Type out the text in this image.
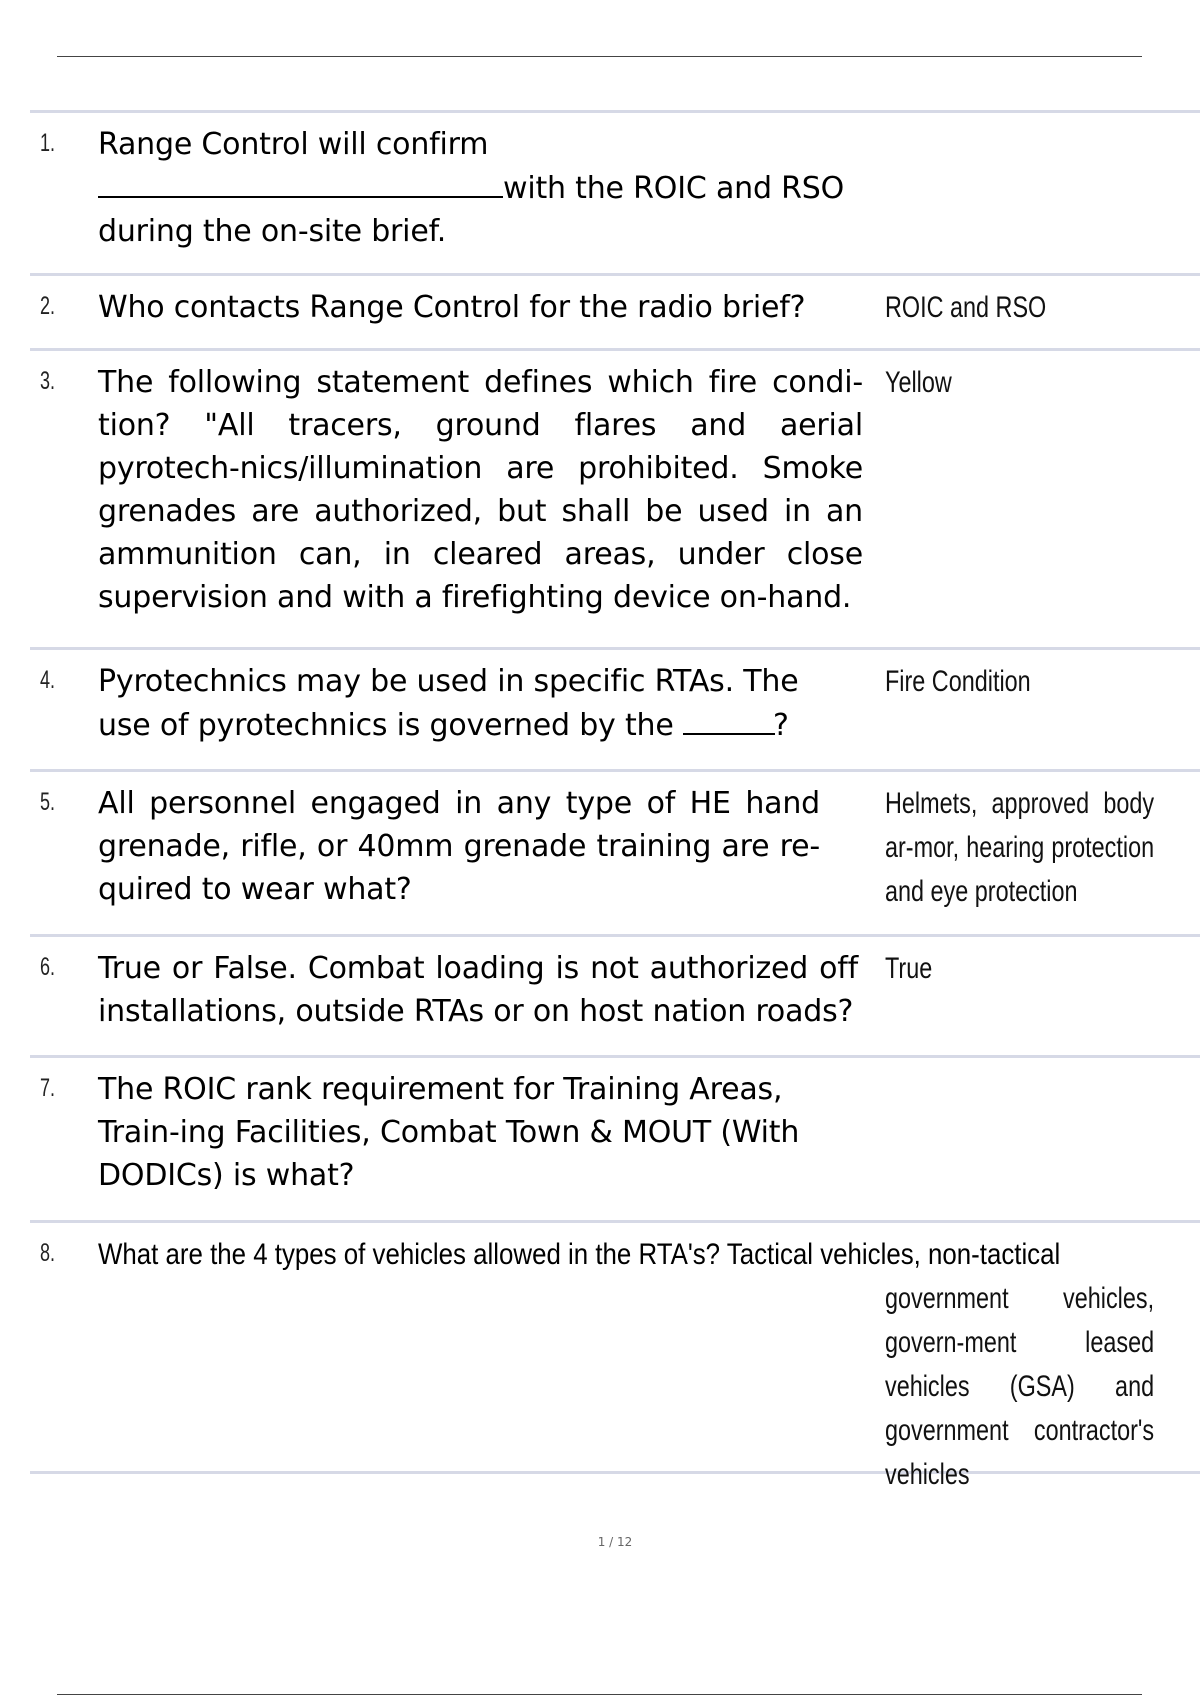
1. Range Control will confirm
with the ROIC and RSO
during the on-site brief.
2. Who contacts Range Control for the radio brief?	ROIC and RSO
3. The following statement defines which fire condi-tion? "All tracers, ground flares and aerial pyrotech-nics/illumination are prohibited. Smoke grenades are authorized, but shall be used in an ammunition can, in cleared areas, under close supervision and with a firefighting device on-hand.
Yellow
4. Pyrotechnics may be used in specific RTAs. The use of pyrotechnics is governed by the	?
Fire Condition
5. All personnel engaged in any type of HE hand grenade, rifle, or 40mm grenade training are re-quired to wear what?
Helmets, approved body ar-mor, hearing protection and eye protection
6. True or False. Combat loading is not authorized off installations, outside RTAs or on host nation roads?
True
7. The ROIC rank requirement for Training Areas, Train-ing Facilities, Combat Town & MOUT (With DODICs) is what?
8. What are the 4 types of vehicles allowed in the RTA's? Tactical vehicles, non-tactical
government vehicles, govern-ment leased vehicles (GSA) and government contractor's vehicles
1 / 12
